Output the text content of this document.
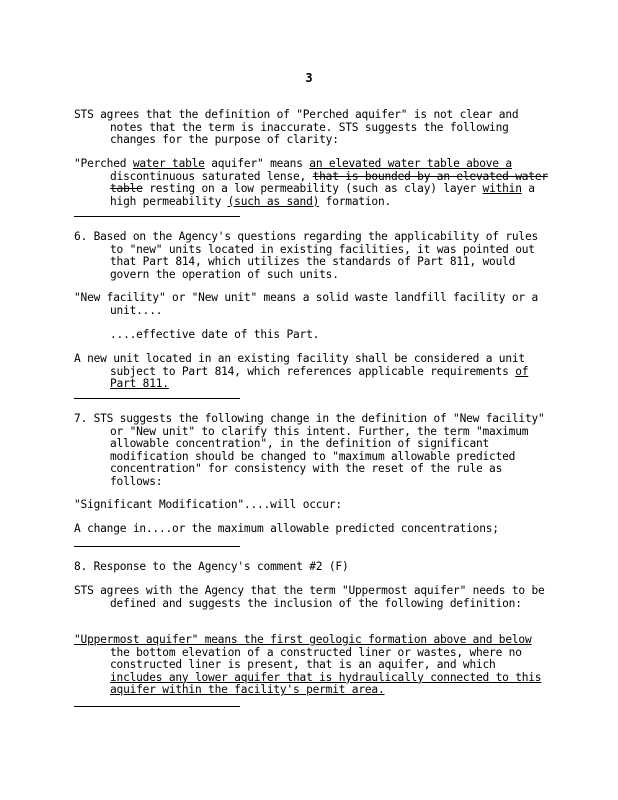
3

STS agrees that the definition of "Perched aquifer" is not clear and notes that the term is inaccurate. STS suggests the following changes for the purpose of clarity:

"Perched water table aquifer" means an elevated water table above a discontinuous saturated lense, that is bounded by an elevated water table resting on a low permeability (such as clay) layer within a high permeability (such as sand) formation.

6. Based on the Agency's questions regarding the applicability of rules to "new" units located in existing facilities, it was pointed out that Part 814, which utilizes the standards of Part 811, would govern the operation of such units.

"New facility" or "New unit" means a solid waste landfill facility or a unit....

....effective date of this Part.

A new unit located in an existing facility shall be considered a unit subject to Part 814, which references applicable requirements of Part 811.

7. STS suggests the following change in the definition of "New facility" or "New unit" to clarify this intent. Further, the term "maximum allowable concentration", in the definition of significant modification should be changed to "maximum allowable predicted concentration" for consistency with the reset of the rule as follows:

"Significant Modification"....will occur:

A change in....or the maximum allowable predicted concentrations;

8. Response to the Agency's comment #2 (F)

STS agrees with the Agency that the term "Uppermost aquifer" needs to be defined and suggests the inclusion of the following definition:

"Uppermost aquifer" means the first geologic formation above and below the bottom elevation of a constructed liner or wastes, where no constructed liner is present, that is an aquifer, and which includes any lower aquifer that is hydraulically connected to this aquifer within the facility's permit area.
